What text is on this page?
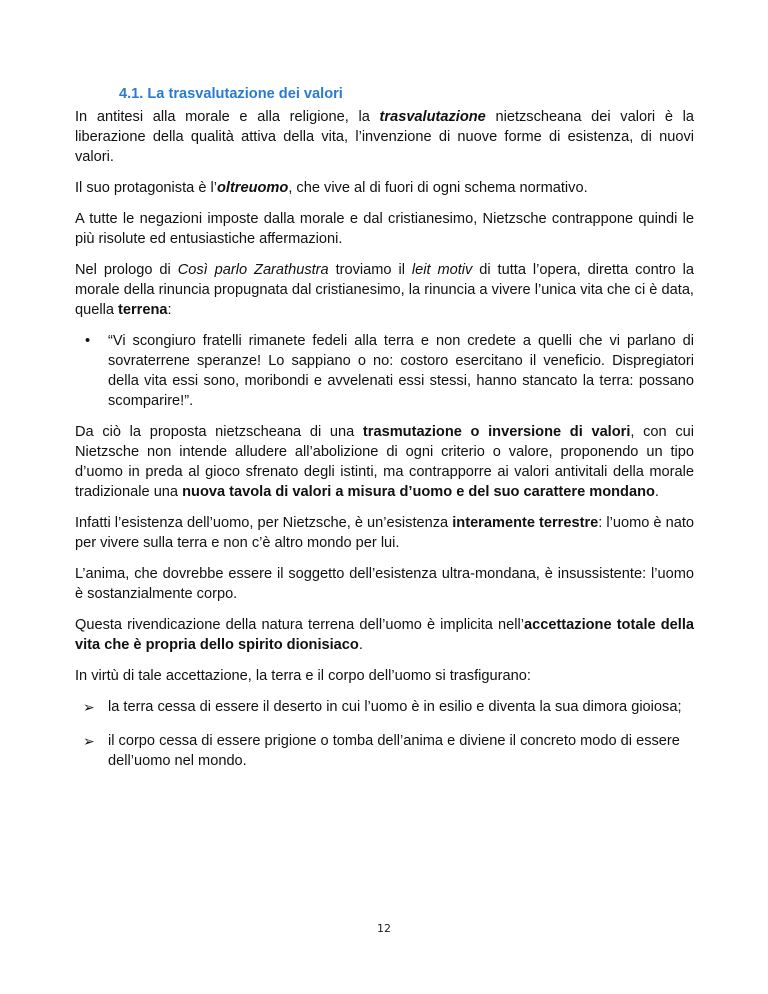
4.1. La trasvalutazione dei valori

In antitesi alla morale e alla religione, la trasvalutazione nietzscheana dei valori è la liberazione della qualità attiva della vita, l’invenzione di nuove forme di esistenza, di nuovi valori.

Il suo protagonista è l’oltreuomo, che vive al di fuori di ogni schema normativo.

A tutte le negazioni imposte dalla morale e dal cristianesimo, Nietzsche contrappone quindi le più risolute ed entusiastiche affermazioni.

Nel prologo di Così parlo Zarathustra troviamo il leit motiv di tutta l’opera, diretta contro la morale della rinuncia propugnata dal cristianesimo, la rinuncia a vivere l’unica vita che ci è data, quella terrena:

• “Vi scongiuro fratelli rimanete fedeli alla terra e non credete a quelli che vi parlano di sovraterrene speranze! Lo sappiano o no: costoro esercitano il veneficio. Dispregiatori della vita essi sono, moribondi e avvelenati essi stessi, hanno stancato la terra: possano scomparire!”.

Da ciò la proposta nietzscheana di una trasmutazione o inversione di valori, con cui Nietzsche non intende alludere all’abolizione di ogni criterio o valore, proponendo un tipo d’uomo in preda al gioco sfrenato degli istinti, ma contrapporre ai valori antivitali della morale tradizionale una nuova tavola di valori a misura d’uomo e del suo carattere mondano.

Infatti l’esistenza dell’uomo, per Nietzsche, è un’esistenza interamente terrestre: l’uomo è nato per vivere sulla terra e non c’è altro mondo per lui.

L’anima, che dovrebbe essere il soggetto dell’esistenza ultra-mondana, è insussistente: l’uomo è sostanzialmente corpo.

Questa rivendicazione della natura terrena dell’uomo è implicita nell’accettazione totale della vita che è propria dello spirito dionisiaco.

In virtù di tale accettazione, la terra e il corpo dell’uomo si trasfigurano:

➢ la terra cessa di essere il deserto in cui l’uomo è in esilio e diventa la sua dimora gioiosa;
➢ il corpo cessa di essere prigione o tomba dell’anima e diviene il concreto modo di essere dell’uomo nel mondo.
12
